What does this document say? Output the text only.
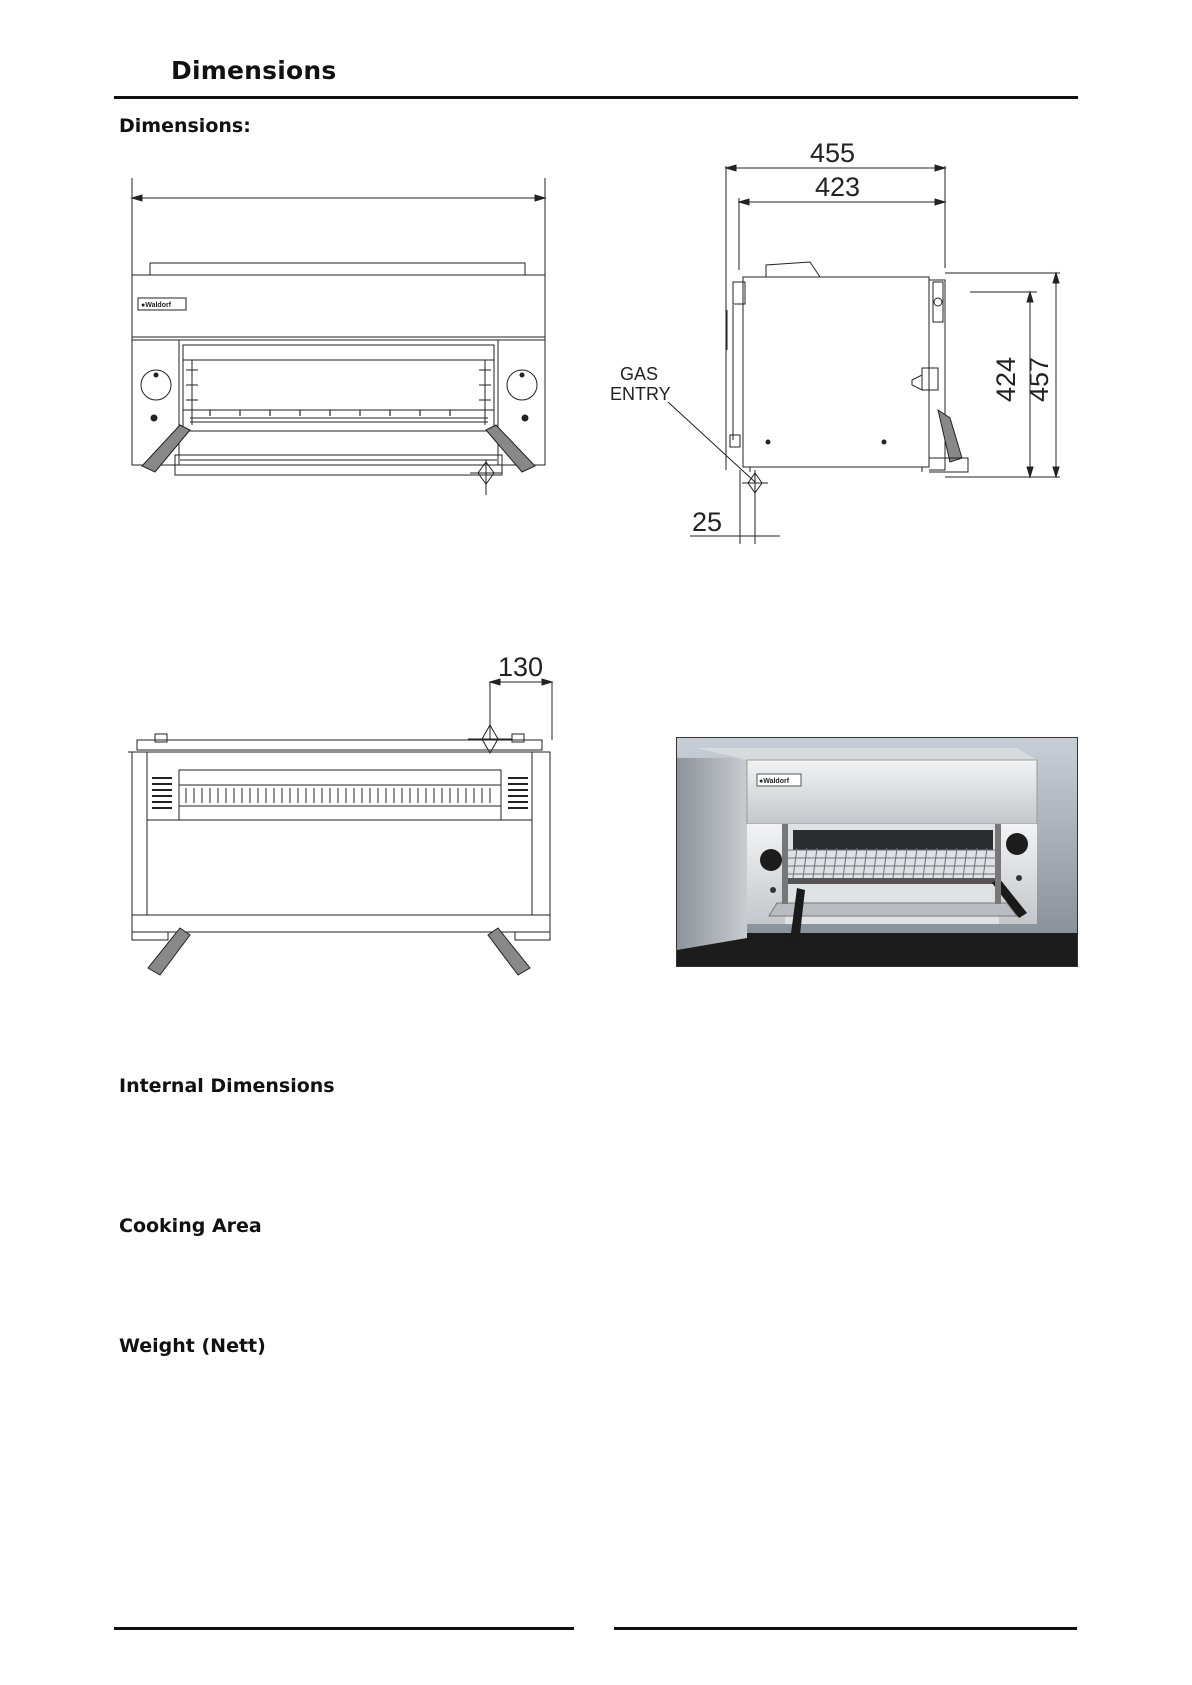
Dimensions
Dimensions:
●Waldorf
455
423
424 457
GAS
ENTRY
25
130
●Waldorf
Internal Dimensions
Cooking Area
Weight (Nett)
